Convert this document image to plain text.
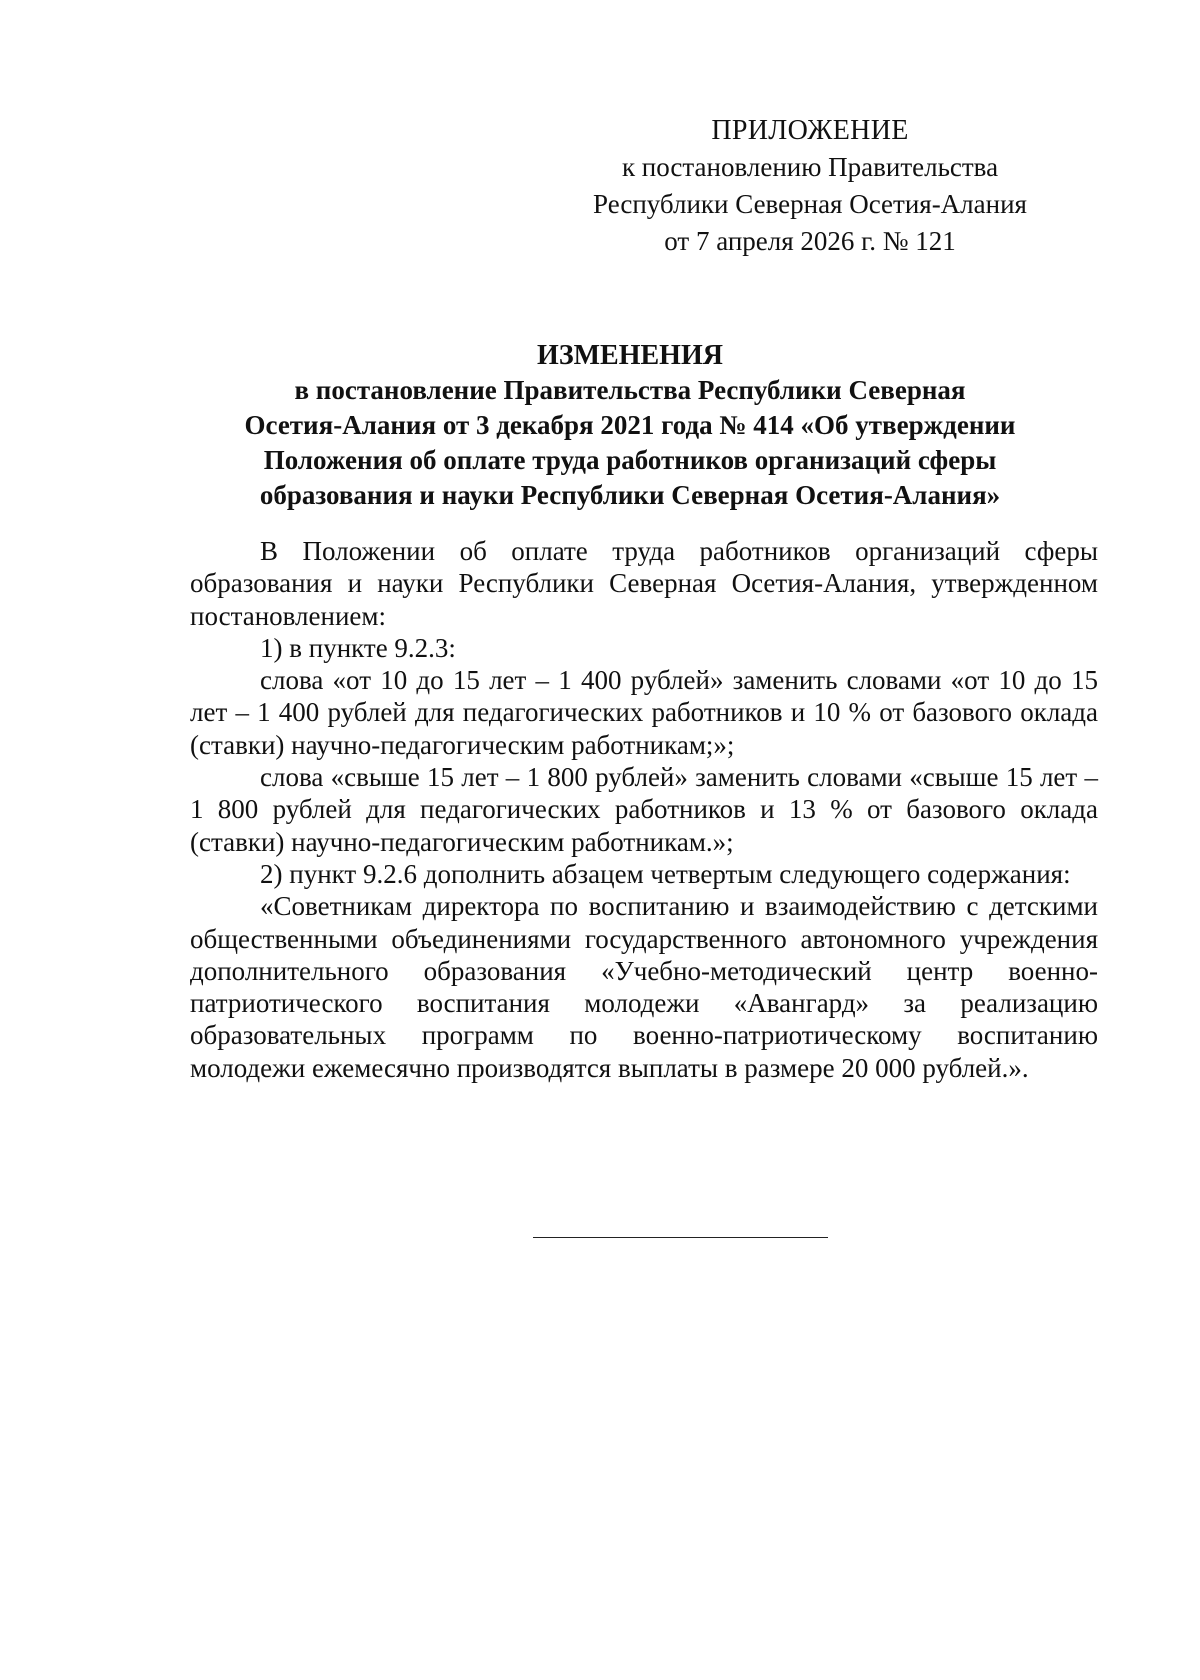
ПРИЛОЖЕНИЕ
к постановлению Правительства
Республики Северная Осетия-Алания
от 7 апреля 2026 г. № 121
ИЗМЕНЕНИЯ
в постановление Правительства Республики Северная
Осетия-Алания от 3 декабря 2021 года № 414 «Об утверждении
Положения об оплате труда работников организаций сферы
образования и науки Республики Северная Осетия-Алания»

В Положении об оплате труда работников организаций сферы образования и науки Республики Северная Осетия-Алания, утвержденном постановлением:

1) в пункте 9.2.3:

слова «от 10 до 15 лет – 1 400 рублей» заменить словами «от 10 до 15 лет – 1 400 рублей для педагогических работников и 10 % от базового оклада (ставки) научно-педагогическим работникам;»;

слова «свыше 15 лет – 1 800 рублей» заменить словами «свыше 15 лет – 1 800 рублей для педагогических работников и 13 % от базового оклада (ставки) научно-педагогическим работникам.»;

2) пункт 9.2.6 дополнить абзацем четвертым следующего содержания:

«Советникам директора по воспитанию и взаимодействию с детскими общественными объединениями государственного автономного учреждения дополнительного образования «Учебно-методический центр военно-патриотического воспитания молодежи «Авангард» за реализацию образовательных программ по военно-патриотическому воспитанию молодежи ежемесячно производятся выплаты в размере 20 000 рублей.».
